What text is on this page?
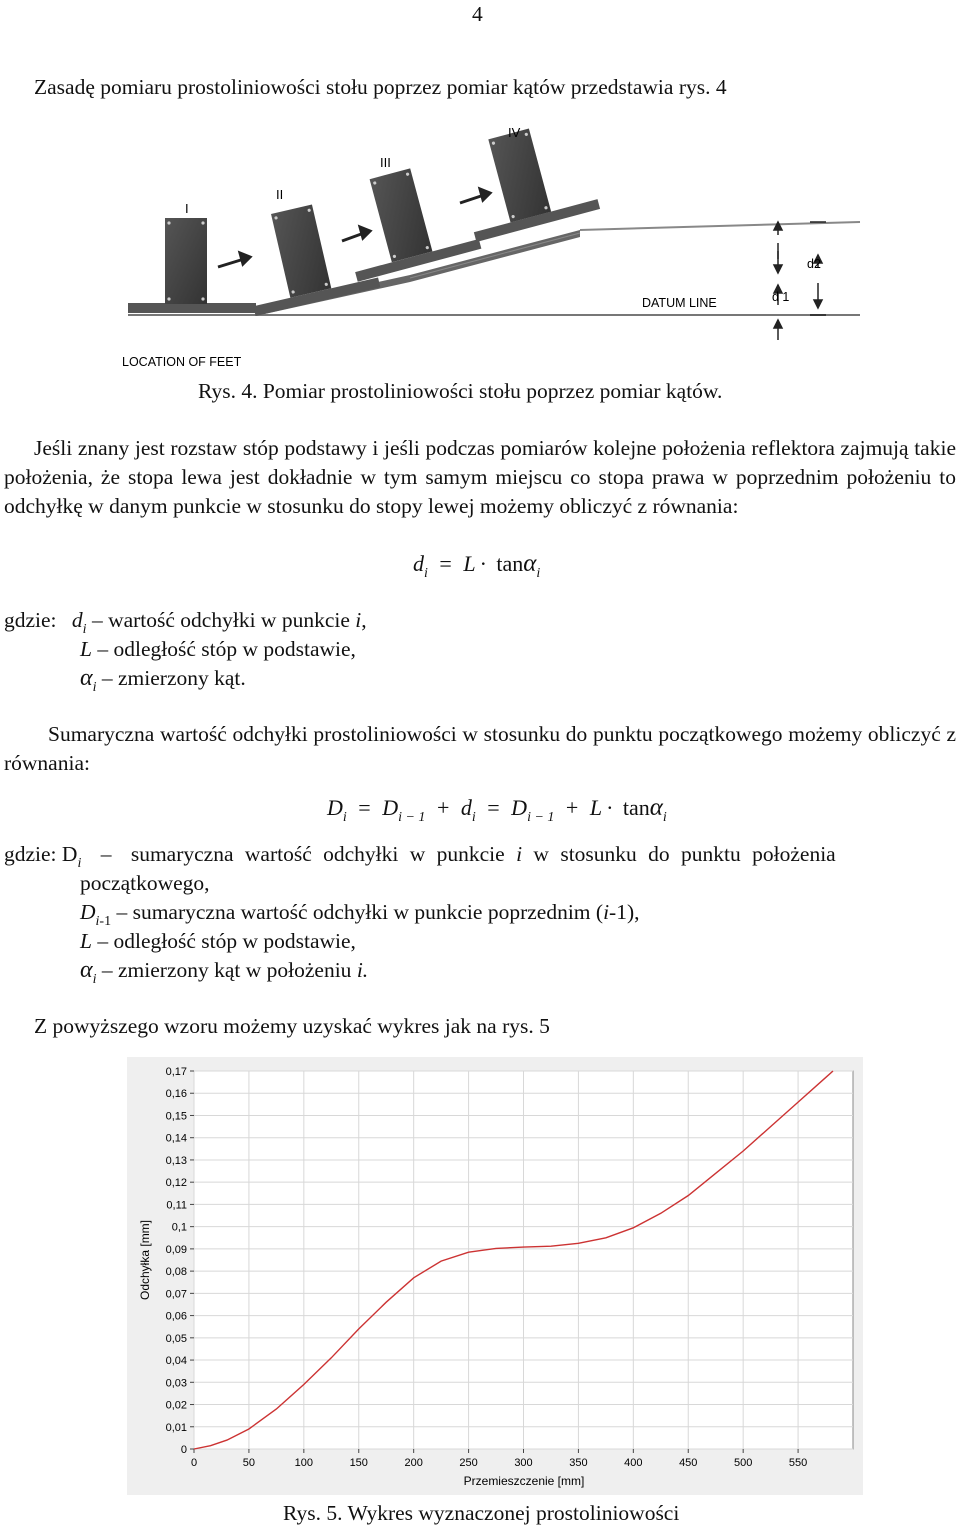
4
Zasadę pomiaru prostoliniowości stołu poprzez pomiar kątów przedstawia rys. 4
I
II
III
IV
DATUM LINE
d2
d 1
LOCATION OF FEET
Rys. 4. Pomiar prostoliniowości stołu poprzez pomiar kątów.
Jeśli znany jest rozstaw stóp podstawy i jeśli podczas pomiarów kolejne położenia reflektora zajmują takie położenia, że stopa lewa jest dokładnie w tym samym miejscu co stopa prawa w poprzednim położeniu to odchyłkę w danym punkcie w stosunku do stopy lewej możemy obliczyć z równania:
$d_i = L \cdot \tan\alpha_i$
gdzie: $d_i$ – wartość odchyłki w punkcie i,
L – odległość stóp w podstawie,
$\alpha_i$ – zmierzony kąt.
Sumaryczna wartość odchyłki prostoliniowości w stosunku do punktu początkowego możemy obliczyć z równania:
$D_i = D_{i - 1} + d_i = D_{i - 1} + L \cdot \tan\alpha_i$
gdzie: $D_i$ – sumaryczna wartość odchyłki w punkcie i w stosunku do punktu położenia
początkowego,
$D_{i-1}$ – sumaryczna wartość odchyłki w punkcie poprzednim (i-1),
L – odległość stóp w podstawie,
$\alpha_i$ – zmierzony kąt w położeniu i.
Z powyższego wzoru możemy uzyskać wykres jak na rys. 5
0
0,01
0,02
0,03
0,04
0,05
0,06
0,07
0,08
0,09
0,1
0,11
0,12
0,13
0,14
0,15
0,16
0,17
0	50	100	150	200	250	300	350	400	450	500	550
Przemieszczenie [mm]
Odchyłka [mm]
Rys. 5. Wykres wyznaczonej prostoliniowości
